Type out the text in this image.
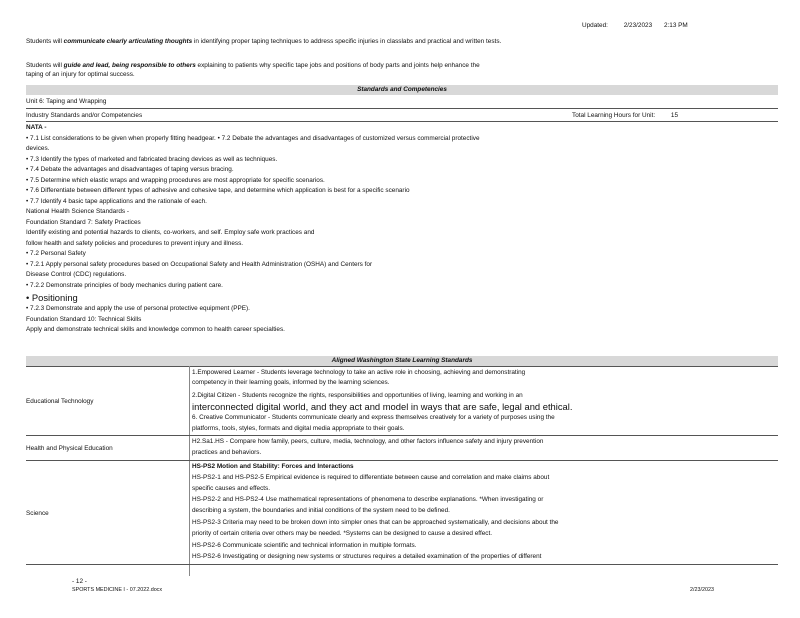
Updated: 2/23/2023 2:13 PM
Students will communicate clearly articulating thoughts in identifying proper taping techniques to address specific injuries in classlabs and practical and written tests.
Students will guide and lead, being responsible to others explaining to patients why specific tape jobs and positions of body parts and joints help enhance the
taping of an injury for optimal success.
Standards and Competencies
Unit 6: Taping and Wrapping
Industry Standards and/or Competencies	Total Learning Hours for Unit: 15
NATA -
• 7.1 List considerations to be given when properly fitting headgear. • 7.2 Debate the advantages and disadvantages of customized versus commercial protective
devices.
• 7.3 Identify the types of marketed and fabricated bracing devices as well as techniques.
• 7.4 Debate the advantages and disadvantages of taping versus bracing.
• 7.5 Determine which elastic wraps and wrapping procedures are most appropriate for specific scenarios.
• 7.6 Differentiate between different types of adhesive and cohesive tape, and determine which application is best for a specific scenario
• 7.7 Identify 4 basic tape applications and the rationale of each.
National Health Science Standards -
Foundation Standard 7: Safety Practices
Identify existing and potential hazards to clients, co-workers, and self. Employ safe work practices and
follow health and safety policies and procedures to prevent injury and illness.
• 7.2 Personal Safety
• 7.2.1 Apply personal safety procedures based on Occupational Safety and Health Administration (OSHA) and Centers for
Disease Control (CDC) regulations.
• 7.2.2 Demonstrate principles of body mechanics during patient care.
• Positioning
• 7.2.3 Demonstrate and apply the use of personal protective equipment (PPE).
Foundation Standard 10: Technical Skills
Apply and demonstrate technical skills and knowledge common to health career specialties.
Aligned Washington State Learning Standards
Educational Technology
1.Empowered Learner - Students leverage technology to take an active role in choosing, achieving and demonstrating
competency in their learning goals, informed by the learning sciences.
2.Digital Citizen - Students recognize the rights, responsibilities and opportunities of living, learning and working in an
interconnected digital world, and they act and model in ways that are safe, legal and ethical.
6. Creative Communicator - Students communicate clearly and express themselves creatively for a variety of purposes using the
platforms, tools, styles, formats and digital media appropriate to their goals.
Health and Physical Education
H2.Sa1.HS - Compare how family, peers, culture, media, technology, and other factors influence safety and injury prevention
practices and behaviors.
Science
HS-PS2 Motion and Stability: Forces and Interactions
HS-PS2-1 and HS-PS2-5 Empirical evidence is required to differentiate between cause and correlation and make claims about
specific causes and effects.
HS-PS2-2 and HS-PS2-4 Use mathematical representations of phenomena to describe explanations. *When investigating or
describing a system, the boundaries and initial conditions of the system need to be defined.
HS-PS2-3 Criteria may need to be broken down into simpler ones that can be approached systematically, and decisions about the
priority of certain criteria over others may be needed. *Systems can be designed to cause a desired effect.
HS-PS2-6 Communicate scientific and technical information in multiple formats.
HS-PS2-6 Investigating or designing new systems or structures requires a detailed examination of the properties of different
- 12 -
SPORTS MEDICINE I - 07.2022.docx	2/23/2023
